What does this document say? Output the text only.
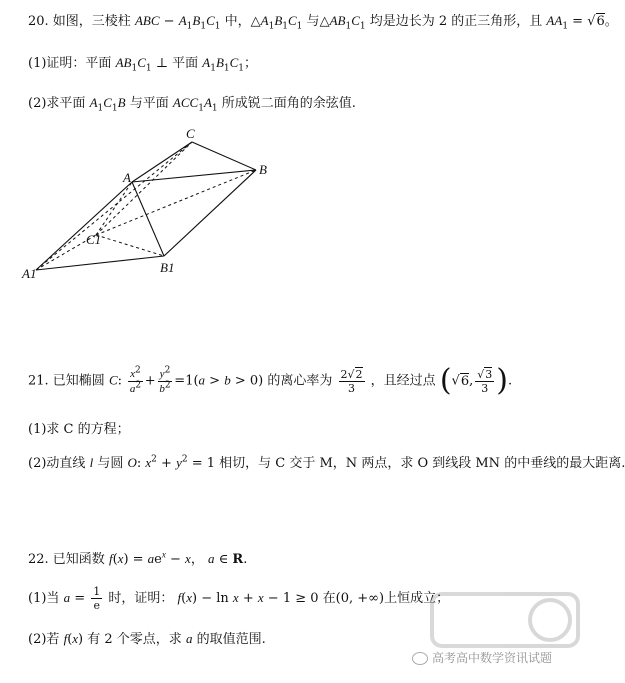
20. 如图，三棱柱 ABC − $A_1B_1C_1$ 中，$\triangle A_1B_1C_1$ 与$\triangle AB_1C_1$ 均是边长为 2 的正三角形，且 $AA_1 = √6$。
(1)证明：平面 $AB_1C_1$ ⊥ 平面 $A_1B_1C_1$；
(2)求平面 $A_1C_1B$ 与平面 $ACC_1A_1$ 所成锐二面角的余弦值.
C
A
B
C1
A1	B1
21. 已知椭圆 C: $\frac{x^2}{a^2} + \frac{y^2}{b^2} =1(a > b > 0)$ 的离心率为 $\frac{2√2}{3}$ ，且经过点 (√6, $\frac{√3}{3}$ ).
(1)求 C 的方程；
(2)动直线 l 与圆 O: $x^2 + y^2 = 1$ 相切，与 C 交于 M，N 两点，求 O 到线段 MN 的中垂线的最大距离.
22. 已知函数 $f(x) = ae^x - x$， a ∈ R.
(1)当 $a = \frac{1}{e}$ 时，证明： f(x) − ln x + x − 1 ≥ 0 在(0, +∞)上恒成立；
(2)若 f(x) 有 2 个零点，求 a 的取值范围.
高考高中数学资讯试题
